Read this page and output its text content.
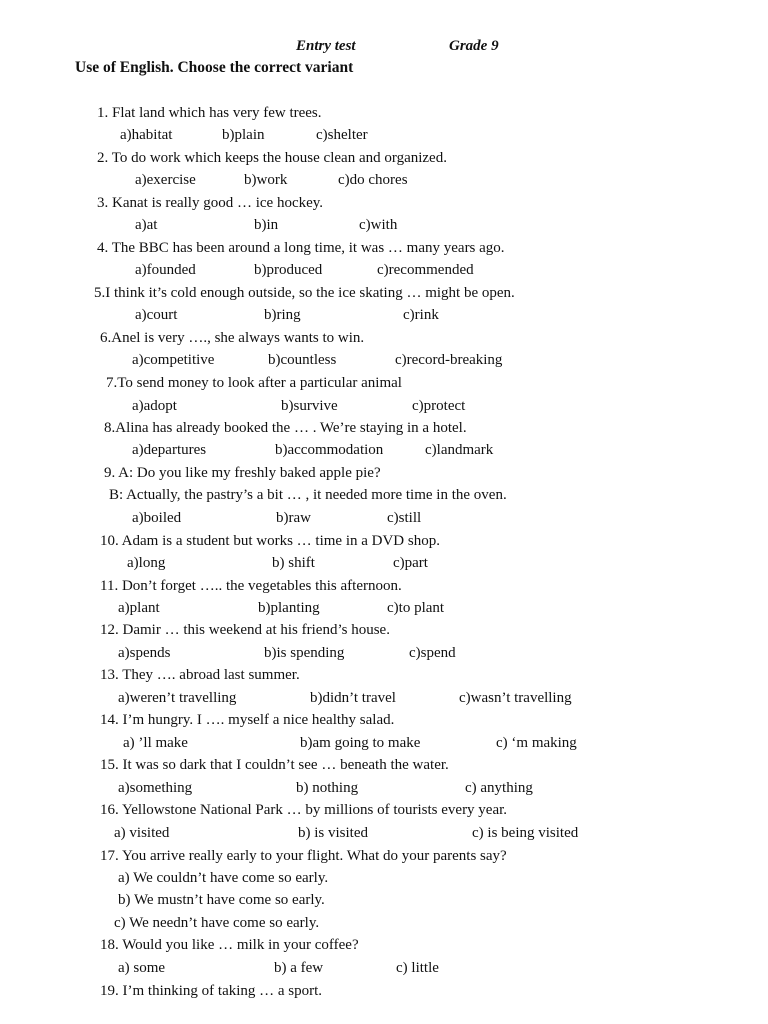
Entry test	Grade 9
Use of English. Choose the correct variant
1. Flat land which has very few trees.
a)habitat	b)plain	c)shelter
2. To do work which keeps the house clean and organized.
a)exercise	b)work	c)do chores
3. Kanat is really good … ice hockey.
a)at	b)in	c)with
4. The BBC has been around a long time, it was … many years ago.
a)founded	b)produced	c)recommended
5.I think it’s cold enough outside, so the ice skating … might be open.
a)court	b)ring	c)rink
6.Anel is very …., she always wants to win.
a)competitive	b)countless	c)record-breaking
7.To send money to look after a particular animal
a)adopt	b)survive	c)protect
8.Alina has already booked the … . We’re staying in a hotel.
a)departures	b)accommodation	c)landmark
9. A: Do you like my freshly baked apple pie?
B: Actually, the pastry’s a bit … , it needed more time in the oven.
a)boiled	b)raw	c)still
10. Adam is a student but works … time in a DVD shop.
a)long	b) shift	c)part
11. Don’t forget ….. the vegetables this afternoon.
a)plant	b)planting	c)to plant
12. Damir … this weekend at his friend’s house.
a)spends	b)is spending	c)spend
13. They …. abroad last summer.
a)weren’t travelling	b)didn’t travel	c)wasn’t travelling
14. I’m hungry. I …. myself a nice healthy salad.
a) ’ll make	b)am going to make	c) ‘m making
15. It was so dark that I couldn’t see … beneath the water.
a)something	b) nothing	c) anything
16. Yellowstone National Park … by millions of tourists every year.
a) visited	b) is visited	c) is being visited
17. You arrive really early to your flight. What do your parents say?
a) We couldn’t have come so early.
b) We mustn’t have come so early.
c) We needn’t have come so early.
18. Would you like … milk in your coffee?
a) some	b) a few	c) little
19. I’m thinking of taking … a sport.
